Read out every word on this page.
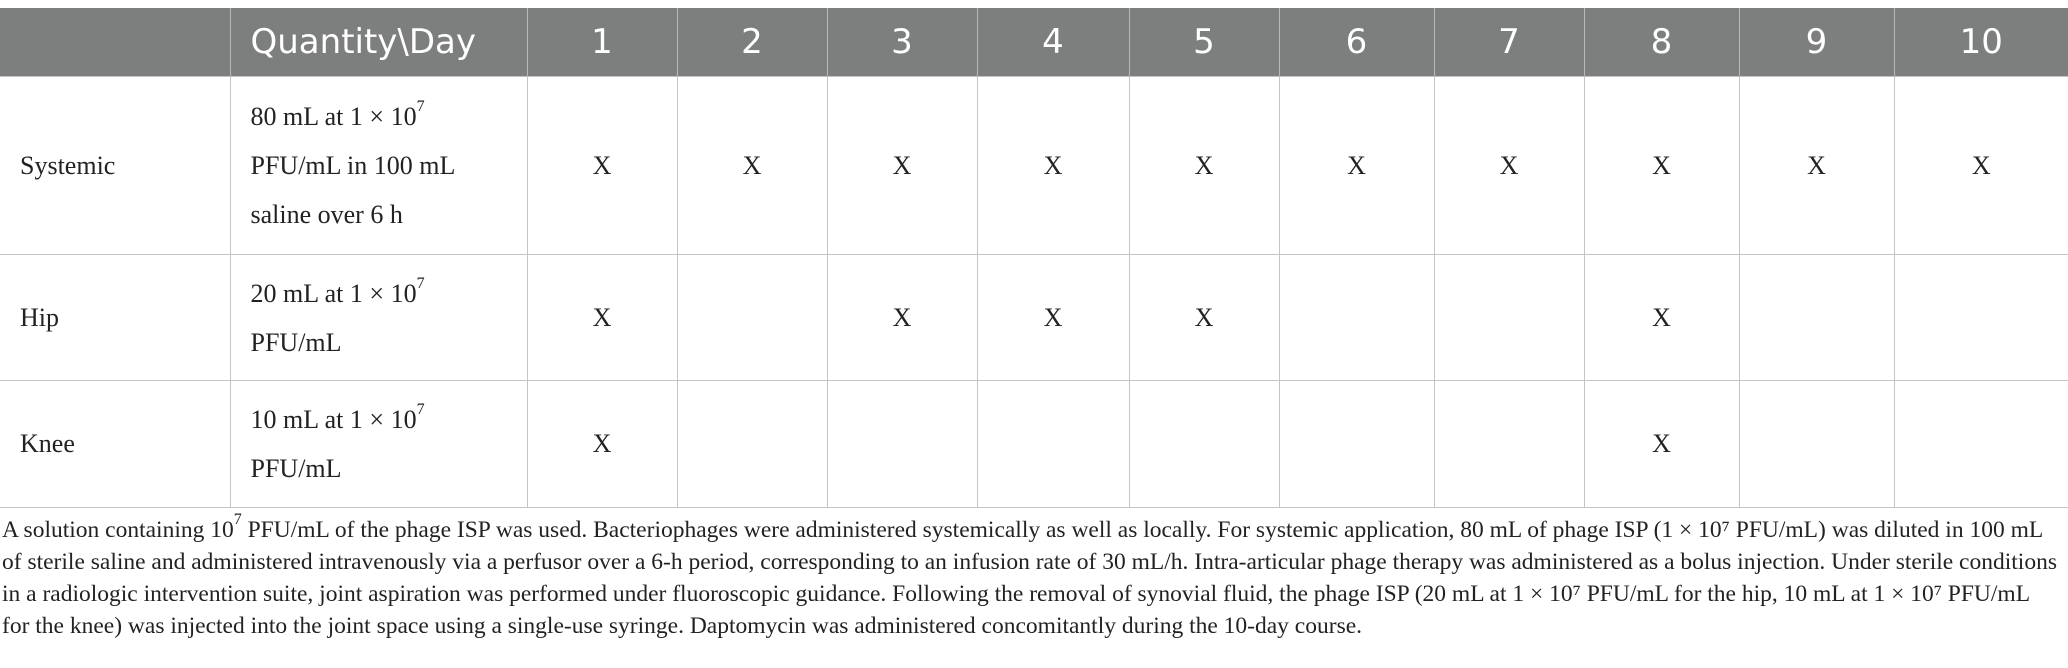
	Quantity\Day	1	2	3	4	5	6	7	8	9	10
Systemic	80 mL at $1 \times 10^7$ PFU/mL in 100 mL saline over 6 h	X	X	X	X	X	X	X	X	X	X
Hip	20 mL at $1 \times 10^7$ PFU/mL	X		X	X	X			X		
Knee	10 mL at $1 \times 10^7$ PFU/mL	X							X		

A solution containing $10^7$ PFU/mL of the phage ISP was used. Bacteriophages were administered systemically as well as locally. For systemic application, 80 mL of phage ISP (1 × 10⁷ PFU/mL) was diluted in 100 mL of sterile saline and administered intravenously via a perfusor over a 6-h period, corresponding to an infusion rate of 30 mL/h. Intra-articular phage therapy was administered as a bolus injection. Under sterile conditions in a radiologic intervention suite, joint aspiration was performed under fluoroscopic guidance. Following the removal of synovial fluid, the phage ISP (20 mL at 1 × 10⁷ PFU/mL for the hip, 10 mL at 1 × 10⁷ PFU/mL for the knee) was injected into the joint space using a single-use syringe. Daptomycin was administered concomitantly during the 10-day course.
